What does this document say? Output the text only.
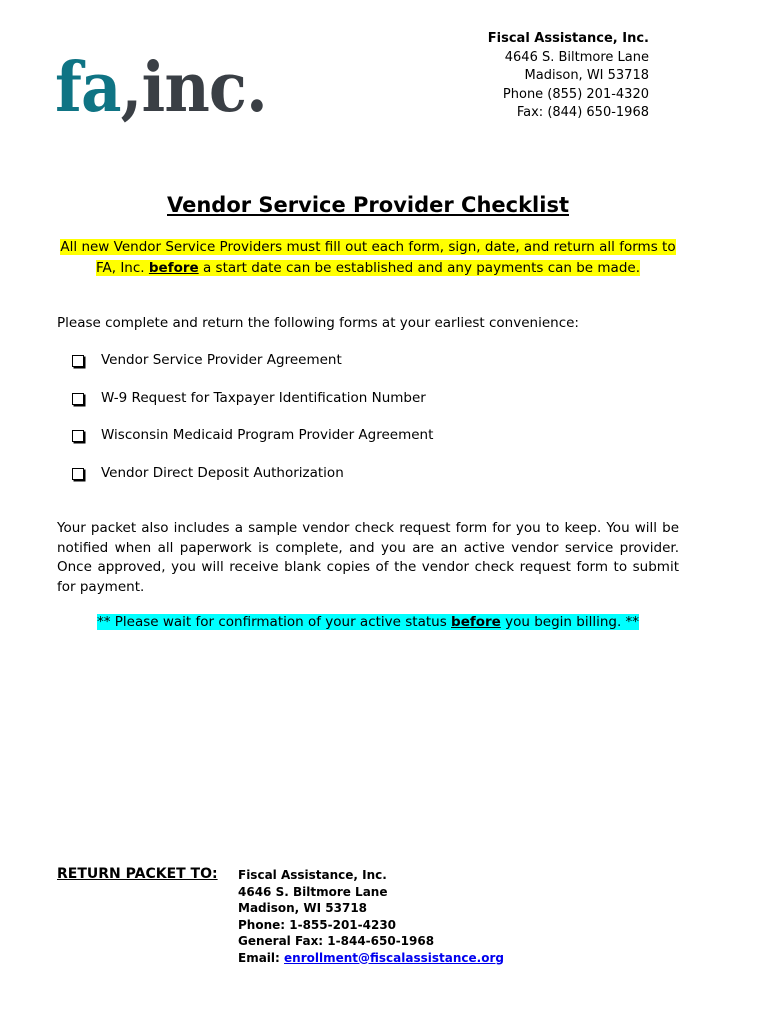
fa,inc.
Fiscal Assistance, Inc.
4646 S. Biltmore Lane
Madison, WI 53718
Phone (855) 201-4320
Fax: (844) 650-1968
Vendor Service Provider Checklist
All new Vendor Service Providers must fill out each form, sign, date, and return all forms to FA, Inc. before a start date can be established and any payments can be made.
Please complete and return the following forms at your earliest convenience:
Vendor Service Provider Agreement
W-9 Request for Taxpayer Identification Number
Wisconsin Medicaid Program Provider Agreement
Vendor Direct Deposit Authorization
Your packet also includes a sample vendor check request form for you to keep. You will be notified when all paperwork is complete, and you are an active vendor service provider. Once approved, you will receive blank copies of the vendor check request form to submit for payment.
** Please wait for confirmation of your active status before you begin billing. **
RETURN PACKET TO: Fiscal Assistance, Inc.
4646 S. Biltmore Lane
Madison, WI 53718
Phone: 1-855-201-4230
General Fax: 1-844-650-1968
Email: enrollment@fiscalassistance.org
